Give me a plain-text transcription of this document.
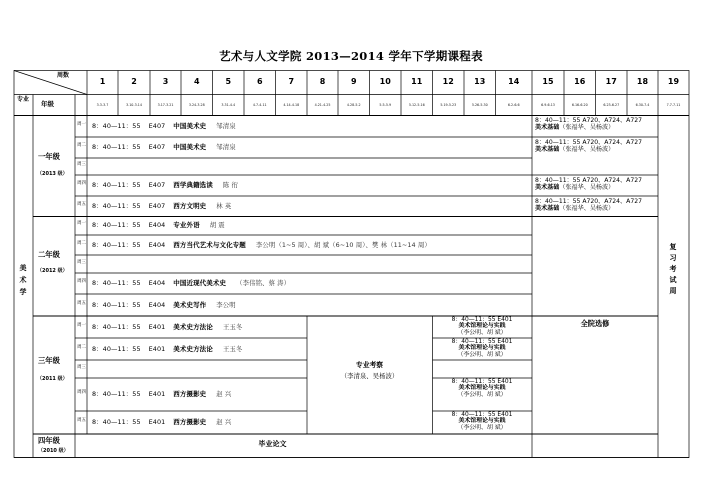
艺术与人文学院 2013—2014 学年下学期课程表
周数
专业
年级
1
3.3-3.7
2
3.10-3.14
3
3.17-3.21
4
3.24-3.28
5
3.31-4.4
6
4.7-4.11
7
4.14-4.18
8
4.21-4.25
9
4.28-5.2
10
5.5-5.9
11
5.12-5.16
12
5.19-5.23
13
5.26-5.30
14
6.2-6.6
15
6.9-6.13
16
6.16-6.20
17
6.23-6.27
18
6.30-7.4
19
7.7-7.11
美术学
一年级
（2013 级）
二年级
（2012 级）
三年级
（2011 级）
四年级
（2010 级）
周一 8：40—11：55 E407 中国美术史 邹清泉
周二 8：40—11：55 E407 中国美术史 邹清泉
周三
周四 8：40—11：55 E407 西学典籍选读 陈 衎
周五 8：40—11：55 E407 西方文明史 林 英
周一 8：40—11：55 E404 专业外语 胡 震
周二 8：40—11：55 E404 西方当代艺术与文化专题 李公明（1~5 周）、胡 斌（6~10 周）、樊 林（11~14 周）
周三
周四 8：40—11：55 E404 中国近现代美术史 （李伟铭、蔡 涛）
周五 8：40—11：55 E404 美术史写作 李公明
周一 8：40—11：55 E401 美术史方法论 王玉冬
周二 8：40—11：55 E401 美术史方法论 王玉冬
周三
周四 8：40—11：55 E401 西方摄影史 赵 兴
周五 8：40—11：55 E401 西方摄影史 赵 兴
8：40—11：55 A720、A724、A727
美术基础（张福华、吴杨波）
8：40—11：55 A720、A724、A727
美术基础（张福华、吴杨波）
8：40—11：55 A720、A724、A727
美术基础（张福华、吴杨波）
8：40—11：55 A720、A724、A727
美术基础（张福华、吴杨波）
专业考察
（李清泉、吴杨波）
8：40—11：55 E401
美术馆理论与实践
（李公明、胡 斌）
8：40—11：55 E401
美术馆理论与实践
（李公明、胡 斌）
8：40—11：55 E401
美术馆理论与实践
（李公明、胡 斌）
8：40—11：55 E401
美术馆理论与实践
（李公明、胡 斌）
毕业论文
全院选修
复习考试周
